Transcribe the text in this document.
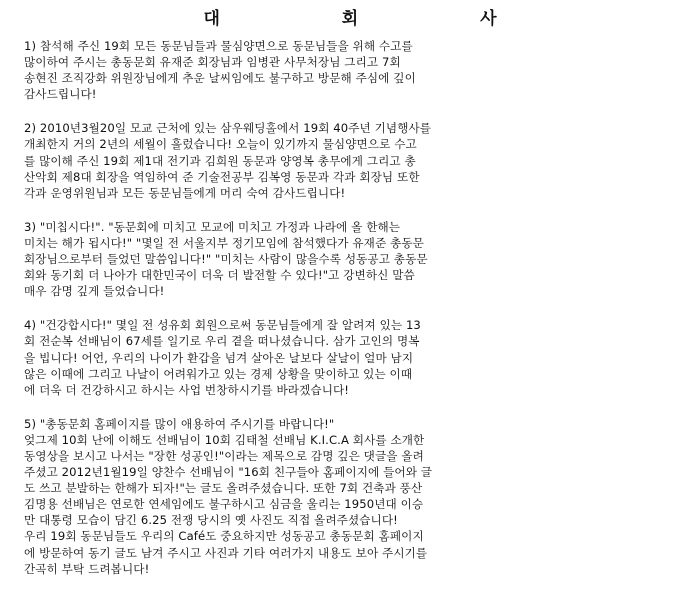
대 회 사
1) 참석해 주신 19회 모든 동문님들과 물심양면으로 동문님들을 위해 수고를
많이하여 주시는 총동문회 유재준 회장님과 임병관 사무처장님 그리고 7회
송현진 조직강화 위원장님에게 추운 날씨임에도 불구하고 방문해 주심에 깊이
감사드립니다!
2) 2010년3월20일 모교 근처에 있는 삼우웨딩홀에서 19회 40주년 기념행사를
개최한지 거의 2년의 세월이 흘렀습니다! 오늘이 있기까지 물심양면으로 수고
를 많이해 주신 19회 제1대 전기과 김희원 동문과 양영복 총무에게 그리고 총
산악회 제8대 회장을 역임하여 준 기술전공부 김복영 동문과 각과 회장님 또한
각과 운영위원님과 모든 동문님들에게 머리 숙여 감사드립니다!
3) "미칩시다!". "동문회에 미치고 모교에 미치고 가정과 나라에 올 한해는
미치는 해가 됩시다!" "몇일 전 서울지부 정기모임에 참석했다가 유재준 총동문
회장님으로부터 들었던 말씀입니다!" "미치는 사람이 많을수록 성동공고 총동문
회와 동기회 더 나아가 대한민국이 더욱 더 발전할 수 있다!"고 강변하신 말씀
매우 감명 깊게 들었습니다!
4) "건강합시다!" 몇일 전 성유회 회원으로써 동문님들에게 잘 알려져 있는 13
회 전순복 선배님이 67세를 일기로 우리 곁을 떠나셨습니다. 삼가 고인의 명복
을 빕니다! 어언, 우리의 나이가 환갑을 넘겨 살아온 날보다 살날이 얼마 남지
않은 이때에 그리고 나날이 어려워가고 있는 경제 상황을 맞이하고 있는 이때
에 더욱 더 건강하시고 하시는 사업 번창하시기를 바라겠습니다!
5) "총동문회 홈페이지를 많이 애용하여 주시기를 바랍니다!"
엊그제 10회 난에 이해도 선배님이 10회 김태철 선배님 K.I.C.A 회사를 소개한
동영상을 보시고 나서는 "장한 성공인!"이라는 제목으로 감명 깊은 댓글을 올려
주셨고 2012년1월19일 양찬수 선배님이 "16회 친구들아 홈페이지에 들어와 글
도 쓰고 분발하는 한해가 되자!"는 글도 올려주셨습니다. 또한 7회 건축과 풍산
김명용 선배님은 연로한 연세임에도 불구하시고 심금을 울리는 1950년대 이승
만 대통령 모습이 담긴 6.25 전쟁 당시의 옛 사진도 직접 올려주셨습니다!
우리 19회 동문님들도 우리의 Café도 중요하지만 성동공고 총동문회 홈페이지
에 방문하여 동기 글도 남겨 주시고 사진과 기타 여러가지 내용도 보아 주시기를
간곡히 부탁 드려봅니다!
